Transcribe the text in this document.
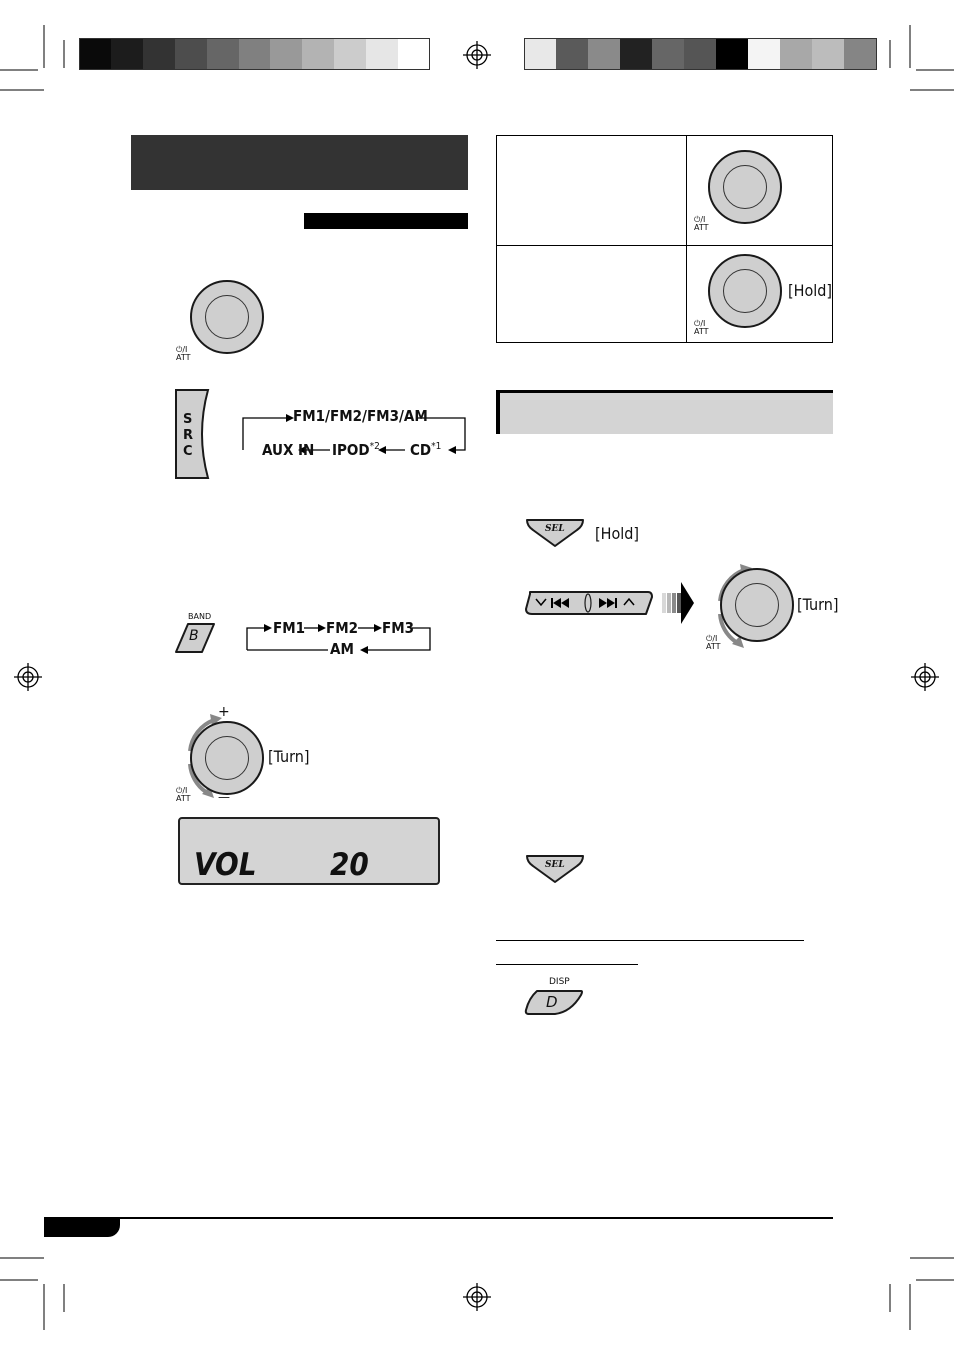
⏻/I
ATT
S
R
C
FM1/FM2/FM3/AM
AUX IN IPOD$^{*2}$ CD$^{*1}$
BAND
B	FM1 FM2 FM3
AM
+
—
⏻/I
ATT
[Turn]
VOL 20
⏻/I
ATT
⏻/I
ATT
[Hold]
SEL [Hold]
⏻/I
ATT
[Turn]
SEL
DISP
D
